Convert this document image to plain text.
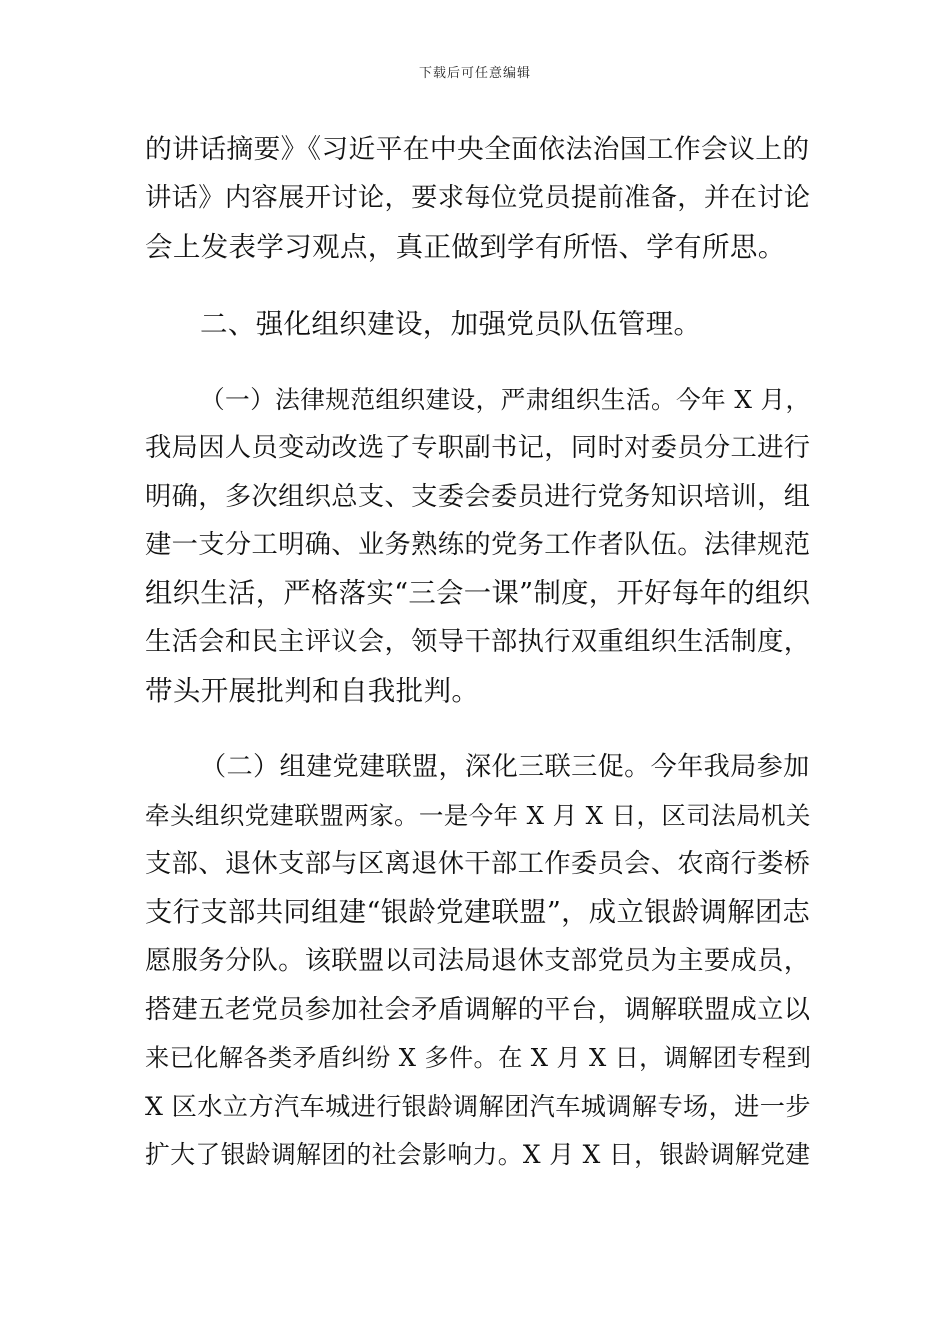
下载后可任意编辑
的讲话摘要》《习近平在中央全面依法治国工作会议上的
讲话》内容展开讨论，要求每位党员提前准备，并在讨论
会上发表学习观点，真正做到学有所悟、学有所思。
二、强化组织建设，加强党员队伍管理。
（一）法律规范组织建设，严肃组织生活。今年 X 月，
我局因人员变动改选了专职副书记，同时对委员分工进行
明确，多次组织总支、支委会委员进行党务知识培训，组
建一支分工明确、业务熟练的党务工作者队伍。法律规范
组织生活，严格落实“三会一课”制度，开好每年的组织
生活会和民主评议会，领导干部执行双重组织生活制度，
带头开展批判和自我批判。
（二）组建党建联盟，深化三联三促。今年我局参加
牵头组织党建联盟两家。一是今年 X 月 X 日，区司法局机关
支部、退休支部与区离退休干部工作委员会、农商行娄桥
支行支部共同组建“银龄党建联盟”，成立银龄调解团志
愿服务分队。该联盟以司法局退休支部党员为主要成员，
搭建五老党员参加社会矛盾调解的平台，调解联盟成立以
来已化解各类矛盾纠纷 X 多件。在 X 月 X 日，调解团专程到
X 区水立方汽车城进行银龄调解团汽车城调解专场，进一步
扩大了银龄调解团的社会影响力。X 月 X 日，银龄调解党建
